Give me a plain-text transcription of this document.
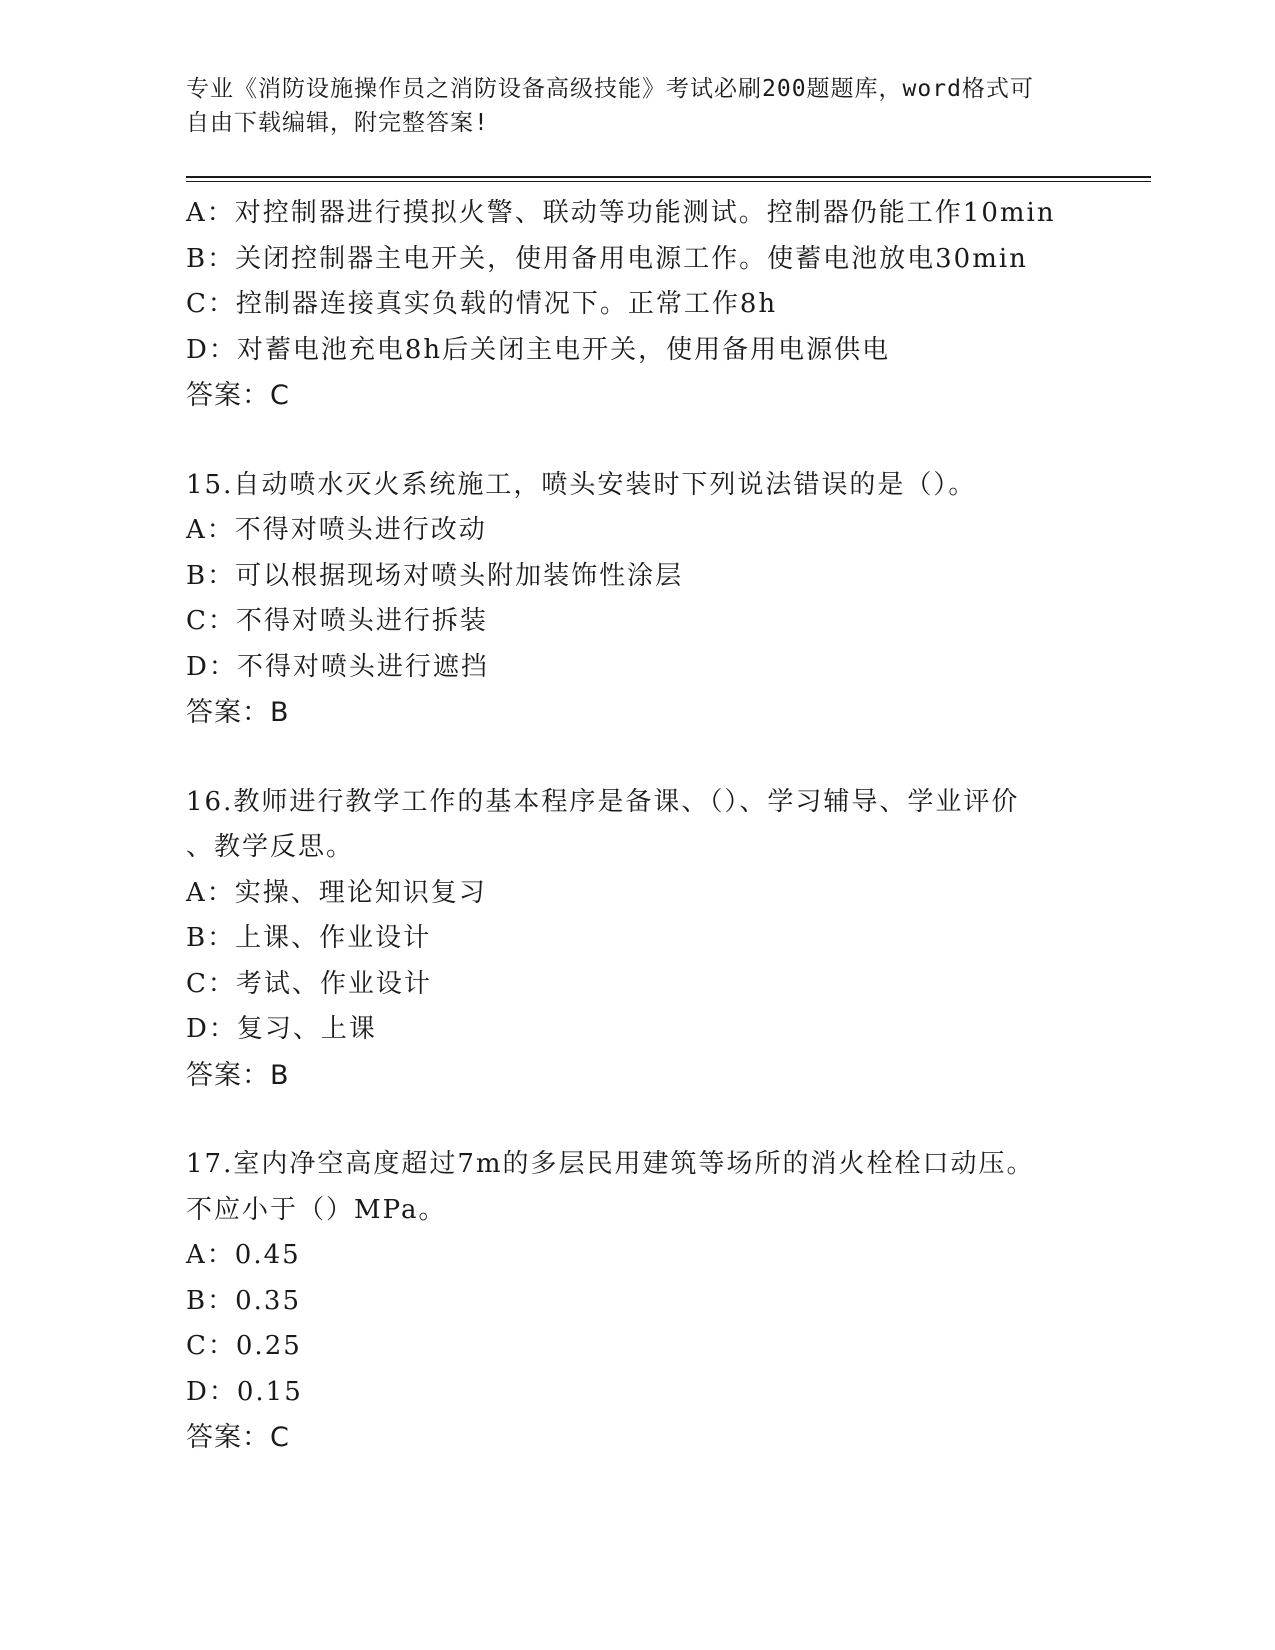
专业《消防设施操作员之消防设备高级技能》考试必刷200题题库，word格式可
自由下载编辑，附完整答案!
A：对控制器进行摸拟火警、联动等功能测试。控制器仍能工作10min
B：关闭控制器主电开关，使用备用电源工作。使蓄电池放电30min
C：控制器连接真实负载的情况下。正常工作8h
D：对蓄电池充电8h后关闭主电开关，使用备用电源供电
答案：C
15.自动喷水灭火系统施工，喷头安装时下列说法错误的是（）。
A：不得对喷头进行改动
B：可以根据现场对喷头附加装饰性涂层
C：不得对喷头进行拆装
D：不得对喷头进行遮挡
答案：B
16.教师进行教学工作的基本程序是备课、（）、学习辅导、学业评价
、教学反思。
A：实操、理论知识复习
B：上课、作业设计
C：考试、作业设计
D：复习、上课
答案：B
17.室内净空高度超过7m的多层民用建筑等场所的消火栓栓口动压。
不应小于（）MPa。
A：0.45
B：0.35
C：0.25
D：0.15
答案：C
